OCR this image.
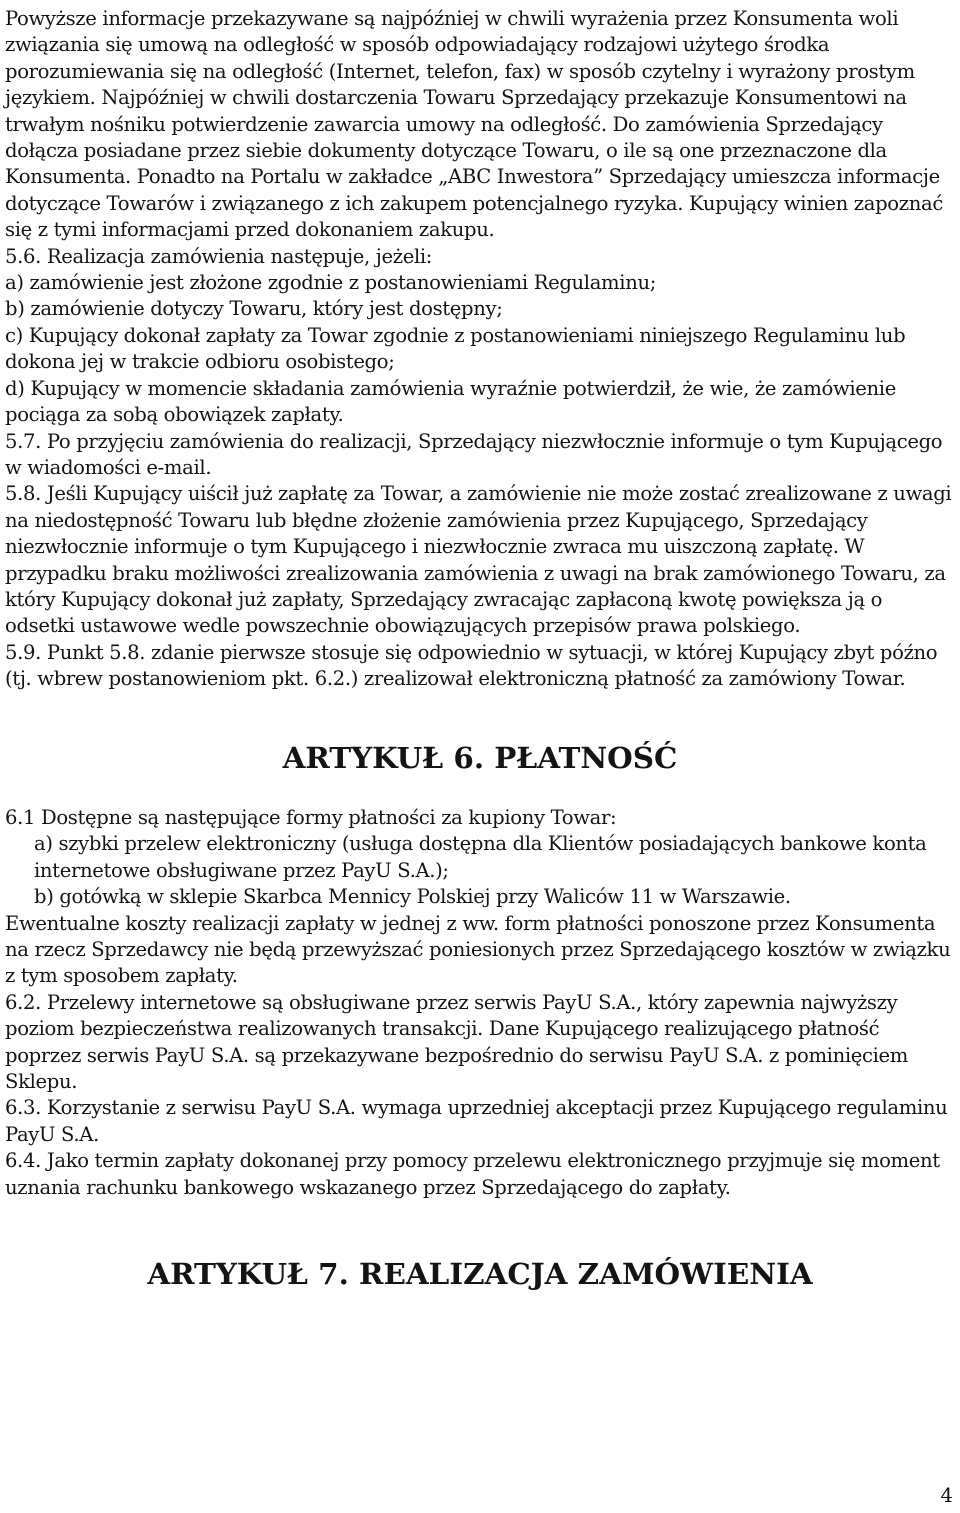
Powyższe informacje przekazywane są najpóźniej w chwili wyrażenia przez Konsumenta woli związania się umową na odległość w sposób odpowiadający rodzajowi użytego środka porozumiewania się na odległość (Internet, telefon, fax) w sposób czytelny i wyrażony prostym językiem. Najpóźniej w chwili dostarczenia Towaru Sprzedający przekazuje Konsumentowi na trwałym nośniku potwierdzenie zawarcia umowy na odległość. Do zamówienia Sprzedający dołącza posiadane przez siebie dokumenty dotyczące Towaru, o ile są one przeznaczone dla Konsumenta. Ponadto na Portalu w zakładce „ABC Inwestora” Sprzedający umieszcza informacje dotyczące Towarów i związanego z ich zakupem potencjalnego ryzyka. Kupujący winien zapoznać się z tymi informacjami przed dokonaniem zakupu.

5.6. Realizacja zamówienia następuje, jeżeli:

a) zamówienie jest złożone zgodnie z postanowieniami Regulaminu;

b) zamówienie dotyczy Towaru, który jest dostępny;

c) Kupujący dokonał zapłaty za Towar zgodnie z postanowieniami niniejszego Regulaminu lub dokona jej w trakcie odbioru osobistego;

d) Kupujący w momencie składania zamówienia wyraźnie potwierdził, że wie, że zamówienie pociąga za sobą obowiązek zapłaty.

5.7. Po przyjęciu zamówienia do realizacji, Sprzedający niezwłocznie informuje o tym Kupującego w wiadomości e-mail.

5.8. Jeśli Kupujący uiścił już zapłatę za Towar, a zamówienie nie może zostać zrealizowane z uwagi na niedostępność Towaru lub błędne złożenie zamówienia przez Kupującego, Sprzedający niezwłocznie informuje o tym Kupującego i niezwłocznie zwraca mu uiszczoną zapłatę. W przypadku braku możliwości zrealizowania zamówienia z uwagi na brak zamówionego Towaru, za który Kupujący dokonał już zapłaty, Sprzedający zwracając zapłaconą kwotę powiększa ją o odsetki ustawowe wedle powszechnie obowiązujących przepisów prawa polskiego.

5.9. Punkt 5.8. zdanie pierwsze stosuje się odpowiednio w sytuacji, w której Kupujący zbyt późno (tj. wbrew postanowieniom pkt. 6.2.) zrealizował elektroniczną płatność za zamówiony Towar.

ARTYKUŁ 6. PŁATNOŚĆ

6.1 Dostępne są następujące formy płatności za kupiony Towar:

a) szybki przelew elektroniczny (usługa dostępna dla Klientów posiadających bankowe konta internetowe obsługiwane przez PayU S.A.);

b) gotówką w sklepie Skarbca Mennicy Polskiej przy Waliców 11 w Warszawie.

Ewentualne koszty realizacji zapłaty w jednej z ww. form płatności ponoszone przez Konsumenta na rzecz Sprzedawcy nie będą przewyższać poniesionych przez Sprzedającego kosztów w związku z tym sposobem zapłaty.

6.2. Przelewy internetowe są obsługiwane przez serwis PayU S.A., który zapewnia najwyższy poziom bezpieczeństwa realizowanych transakcji. Dane Kupującego realizującego płatność poprzez serwis PayU S.A. są przekazywane bezpośrednio do serwisu PayU S.A. z pominięciem Sklepu.

6.3. Korzystanie z serwisu PayU S.A. wymaga uprzedniej akceptacji przez Kupującego regulaminu PayU S.A.

6.4. Jako termin zapłaty dokonanej przy pomocy przelewu elektronicznego przyjmuje się moment uznania rachunku bankowego wskazanego przez Sprzedającego do zapłaty.

ARTYKUŁ 7. REALIZACJA ZAMÓWIENIA
4
